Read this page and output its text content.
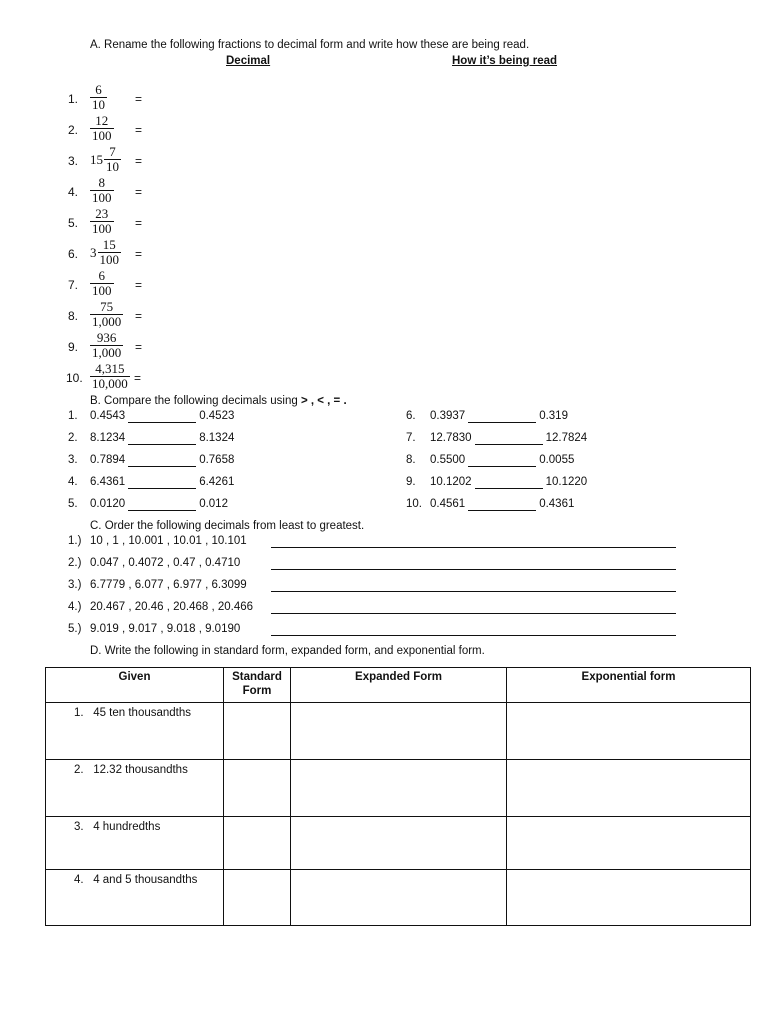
A. Rename the following fractions to decimal form and write how these are being read.
Decimal	How it’s being read
1. $\frac{6}{10}$ =
2. $\frac{12}{100}$ =
3. $15 \frac{7}{10}$ =
4. $\frac{8}{100}$ =
5. $\frac{23}{100}$ =
6. $3 \frac{15}{100}$ =
7. $\frac{6}{100}$ =
8. $\frac{75}{1,000}$ =
9. $\frac{936}{1,000}$ =
10. $\frac{4,315}{10,000}$ =
B. Compare the following decimals using > , < , = .
1. 0.4543	0.4523
2. 8.1234	8.1324
3. 0.7894	0.7658
4. 6.4361	6.4261
5. 0.0120	0.012
6. 0.3937	0.319
7. 12.7830	12.7824
8. 0.5500	0.0055
9. 10.1202	10.1220
10. 0.4561	0.4361
C. Order the following decimals from least to greatest.
1.) 10 , 1 , 10.001 , 10.01 , 10.101
2.) 0.047 , 0.4072 , 0.47 , 0.4710
3.) 6.7779 , 6.077 , 6.977 , 6.3099
4.) 20.467 , 20.46 , 20.468 , 20.466
5.) 9.019 , 9.017 , 9.018 , 9.0190
D. Write the following in standard form, expanded form, and exponential form.
Given	Standard Form	Expanded Form	Exponential form
1. 45 ten thousandths			
2. 12.32 thousandths			
3. 4 hundredths			
4. 4 and 5 thousandths			
